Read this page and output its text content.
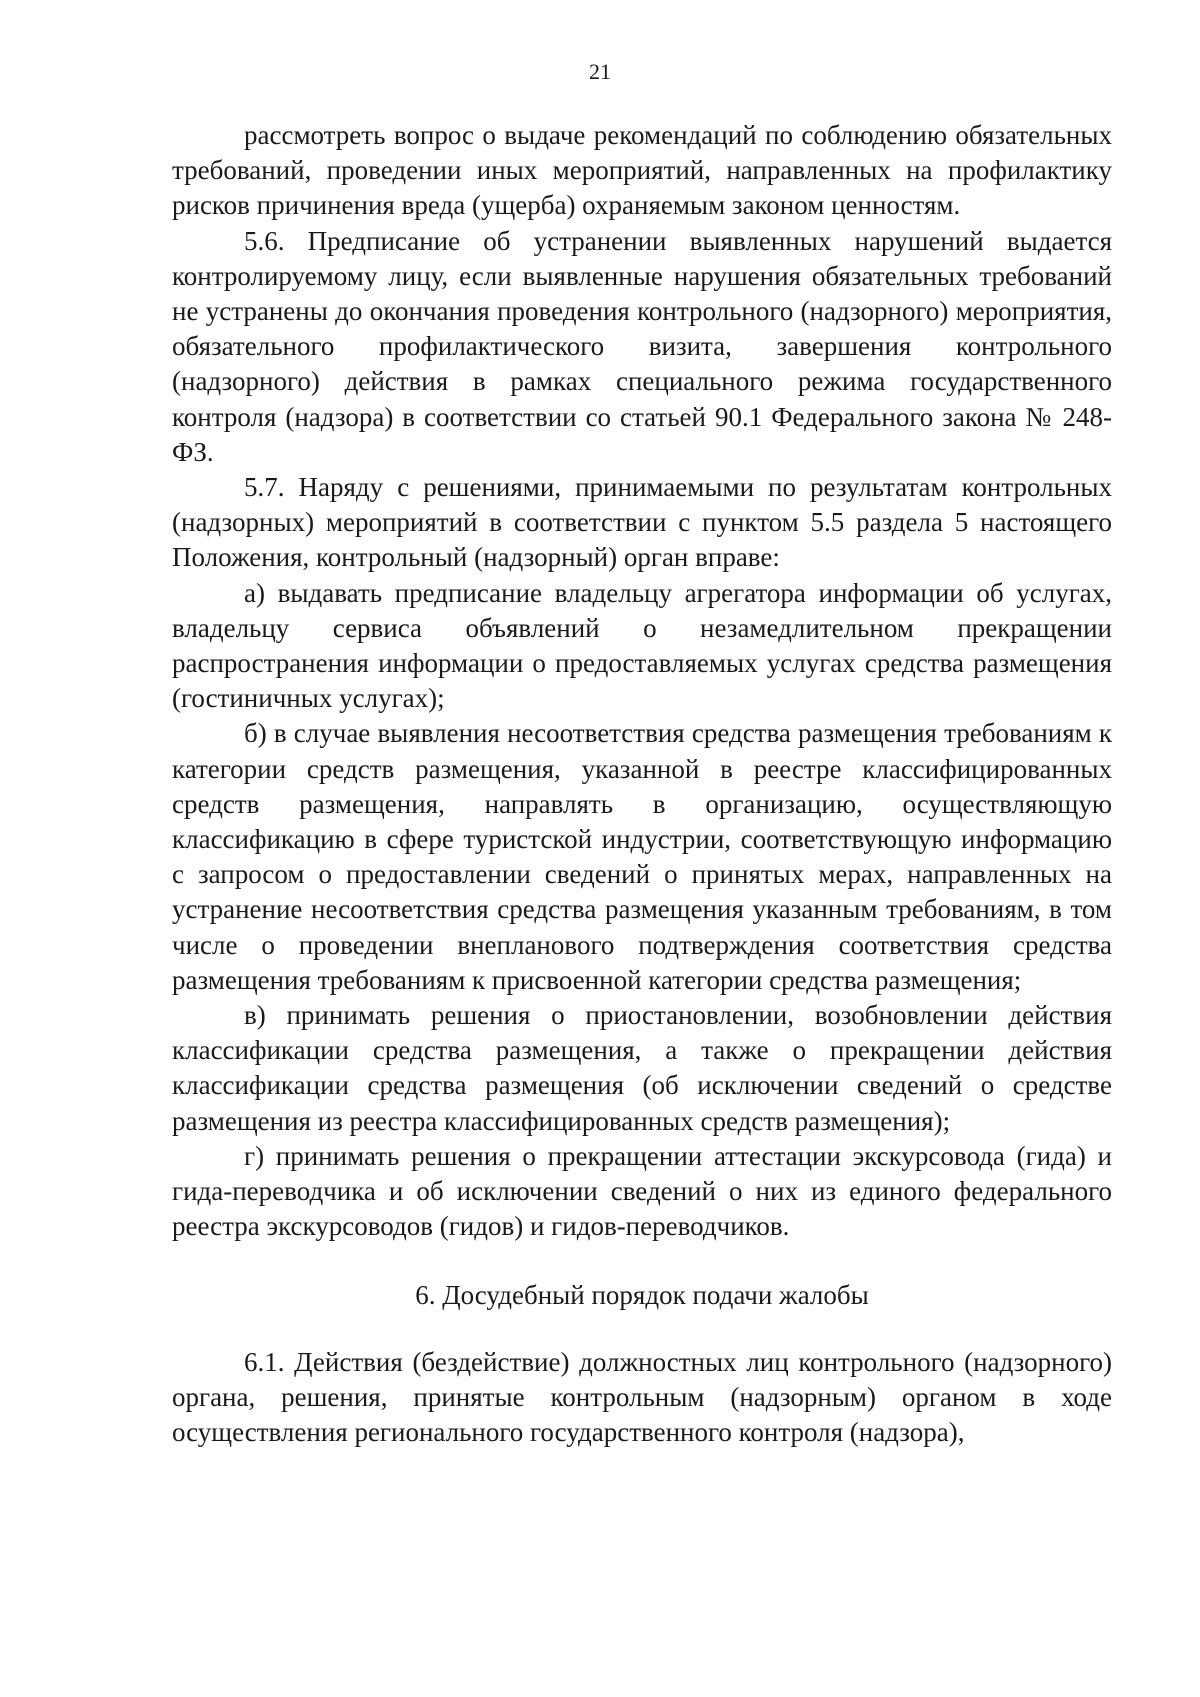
21

рассмотреть вопрос о выдаче рекомендаций по соблюдению обязательных требований, проведении иных мероприятий, направленных на профилактику рисков причинения вреда (ущерба) охраняемым законом ценностям.

5.6. Предписание об устранении выявленных нарушений выдается контролируемому лицу, если выявленные нарушения обязательных требований не устранены до окончания проведения контрольного (надзорного) мероприятия, обязательного профилактического визита, завершения контрольного (надзорного) действия в рамках специального режима государственного контроля (надзора) в соответствии со статьей 90.1 Федерального закона № 248-ФЗ.

5.7. Наряду с решениями, принимаемыми по результатам контрольных (надзорных) мероприятий в соответствии с пунктом 5.5 раздела 5 настоящего Положения, контрольный (надзорный) орган вправе:

а) выдавать предписание владельцу агрегатора информации об услугах, владельцу сервиса объявлений о незамедлительном прекращении распространения информации о предоставляемых услугах средства размещения (гостиничных услугах);

б) в случае выявления несоответствия средства размещения требованиям к категории средств размещения, указанной в реестре классифицированных средств размещения, направлять в организацию, осуществляющую классификацию в сфере туристской индустрии, соответствующую информацию с запросом о предоставлении сведений о принятых мерах, направленных на устранение несоответствия средства размещения указанным требованиям, в том числе о проведении внепланового подтверждения соответствия средства размещения требованиям к присвоенной категории средства размещения;

в) принимать решения о приостановлении, возобновлении действия классификации средства размещения, а также о прекращении действия классификации средства размещения (об исключении сведений о средстве размещения из реестра классифицированных средств размещения);

г) принимать решения о прекращении аттестации экскурсовода (гида) и гида-переводчика и об исключении сведений о них из единого федерального реестра экскурсоводов (гидов) и гидов-переводчиков.

6. Досудебный порядок подачи жалобы

6.1. Действия (бездействие) должностных лиц контрольного (надзорного) органа, решения, принятые контрольным (надзорным) органом в ходе осуществления регионального государственного контроля (надзора),
